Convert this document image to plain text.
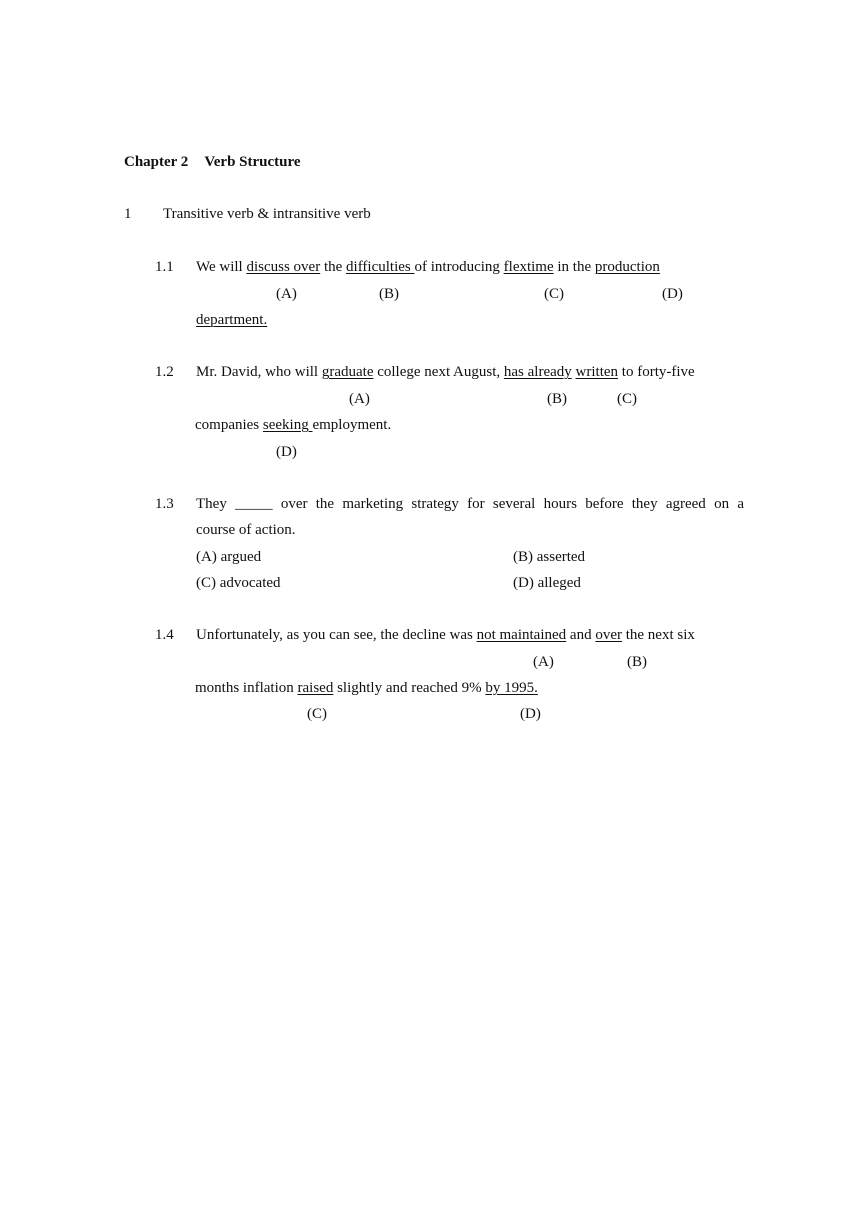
Chapter 2 Verb Structure
1 Transitive verb & intransitive verb
1.1 We will discuss over the difficulties of introducing flextime in the production
(A)	(B)	(C)	(D)
department.
1.2 Mr. David, who will graduate college next August, has already written to forty-five
(A)	(B)	(C)
companies seeking employment.
(D)
1.3 They _____ over the marketing strategy for several hours before they agreed on a
course of action.
(A) argued	(B) asserted
(C) advocated	(D) alleged
1.4 Unfortunately, as you can see, the decline was not maintained and over the next six
(A)	(B)
months inflation raised slightly and reached 9% by 1995.
(C)	(D)
